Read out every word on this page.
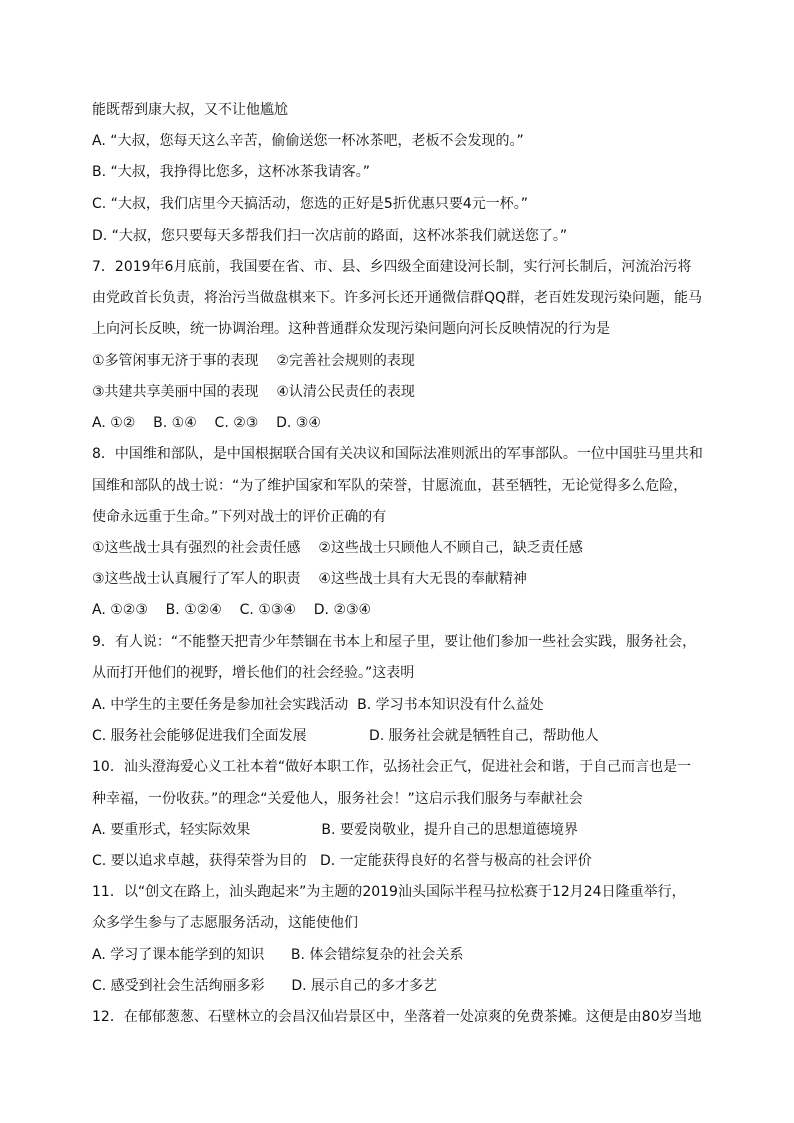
能既帮到康大叔，又不让他尴尬
A. “大叔，您每天这么辛苦，偷偷送您一杯冰茶吧，老板不会发现的。”
B. “大叔，我挣得比您多，这杯冰茶我请客。”
C. “大叔，我们店里今天搞活动，您选的正好是5折优惠只要4元一杯。”
D. “大叔，您只要每天多帮我们扫一次店前的路面，这杯冰茶我们就送您了。”
7．2019年6月底前，我国要在省、市、县、乡四级全面建设河长制，实行河长制后，河流治污将
由党政首长负责，将治污当做盘棋来下。许多河长还开通微信群QQ群，老百姓发现污染问题，能马
上向河长反映，统一协调治理。这种普通群众发现污染问题向河长反映情况的行为是
①多管闲事无济于事的表现    ②完善社会规则的表现
③共建共享美丽中国的表现    ④认清公民责任的表现
A. ①②    B. ①④    C. ②③    D. ③④
8．中国维和部队，是中国根据联合国有关决议和国际法准则派出的军事部队。一位中国驻马里共和
国维和部队的战士说：“为了维护国家和军队的荣誉，甘愿流血，甚至牺牲，无论觉得多么危险，
使命永远重于生命。”下列对战士的评价正确的有
①这些战士具有强烈的社会责任感    ②这些战士只顾他人不顾自己，缺乏责任感
③这些战士认真履行了军人的职责    ④这些战士具有大无畏的奉献精神
A. ①②③    B. ①②④    C. ①③④    D. ②③④
9．有人说：“不能整天把青少年禁锢在书本上和屋子里，要让他们参加一些社会实践，服务社会，
从而打开他们的视野，增长他们的社会经验。”这表明
A. 中学生的主要任务是参加社会实践活动  B. 学习书本知识没有什么益处
C. 服务社会能够促进我们全面发展              D. 服务社会就是牺牲自己，帮助他人
10．汕头澄海爱心义工社本着“做好本职工作，弘扬社会正气，促进社会和谐，于自己而言也是一
种幸福，一份收获。”的理念“关爱他人，服务社会！”这启示我们服务与奉献社会
A. 要重形式，轻实际效果                B. 要爱岗敬业，提升自己的思想道德境界
C. 要以追求卓越，获得荣誉为目的   D. 一定能获得良好的名誉与极高的社会评价
11．以“创文在路上，汕头跑起来”为主题的2019汕头国际半程马拉松赛于12月24日隆重举行，
众多学生参与了志愿服务活动，这能使他们
A. 学习了课本能学到的知识      B. 体会错综复杂的社会关系
C. 感受到社会生活绚丽多彩      D. 展示自己的多才多艺
12．在郁郁葱葱、石壁林立的会昌汉仙岩景区中，坐落着一处凉爽的免费茶摊。这便是由80岁当地
